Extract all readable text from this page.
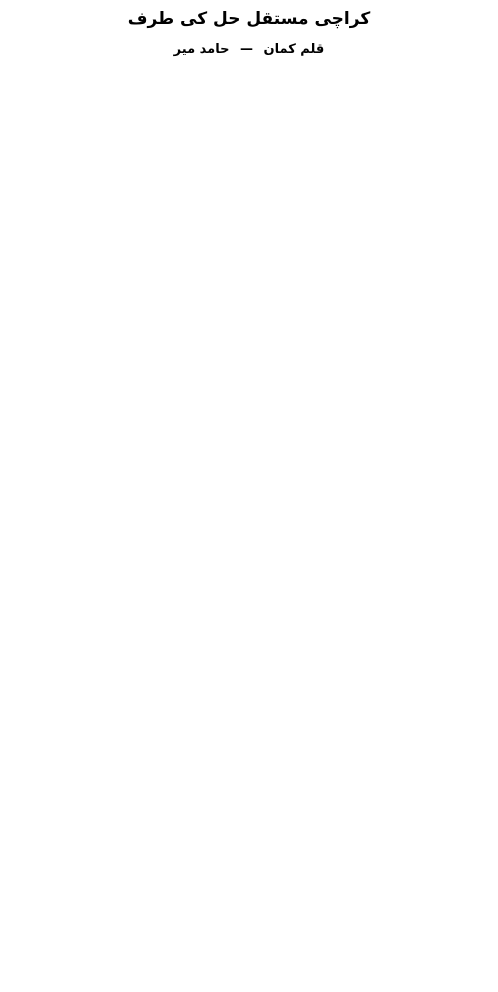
کراچی مستقل حل کی طرف
قلم کمان — حامد میر
